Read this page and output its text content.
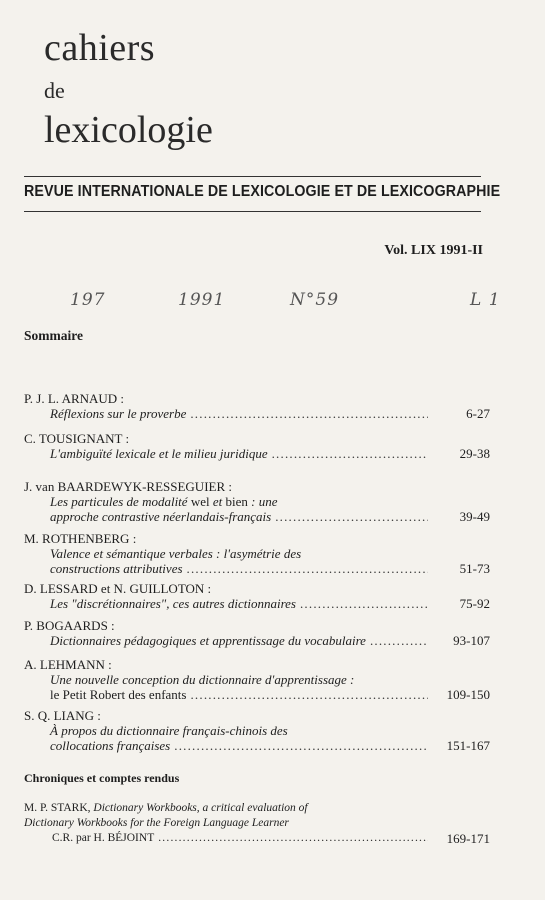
cahiers
de
lexicologie
REVUE INTERNATIONALE DE LEXICOLOGIE ET DE LEXICOGRAPHIE
Vol. LIX 1991-II
197	1991	N°59	L 1
Sommaire
P. J. L. ARNAUD :
Réflexions sur le proverbe .....	6-27
C. TOUSIGNANT :
L'ambiguïté lexicale et le milieu juridique .....	29-38
J. van BAARDEWYK-RESSEGUIER :
Les particules de modalité wel et bien : une
approche contrastive néerlandais-français .....	39-49
M. ROTHENBERG :
Valence et sémantique verbales : l'asymétrie des
constructions attributives .....	51-73
D. LESSARD et N. GUILLOTON :
Les "discrétionnaires", ces autres dictionnaires .....	75-92
P. BOGAARDS :
Dictionnaires pédagogiques et apprentissage du vocabulaire .....	93-107
A. LEHMANN :
Une nouvelle conception du dictionnaire d'apprentissage :
le Petit Robert des enfants .....	109-150
S. Q. LIANG :
À propos du dictionnaire français-chinois des
collocations françaises .....	151-167
Chroniques et comptes rendus
M. P. STARK, Dictionary Workbooks, a critical evaluation of
Dictionary Workbooks for the Foreign Language Learner
C.R. par H. BÉJOINT .....	169-171
